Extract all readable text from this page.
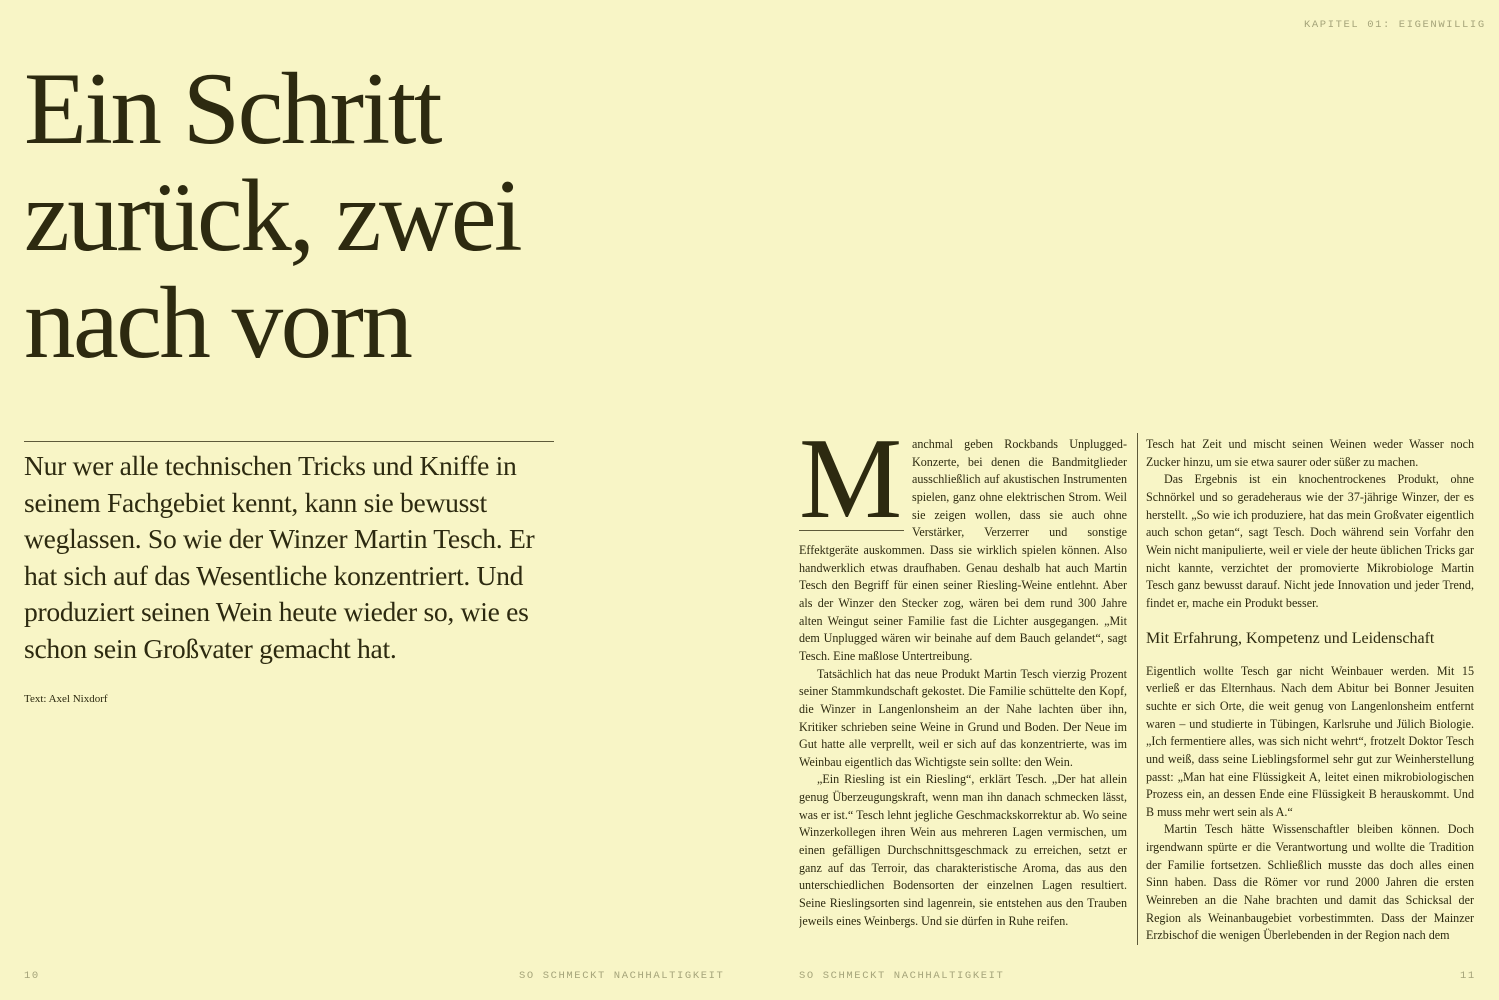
KAPITEL 01: EIGENWILLIG
Ein Schritt
zurück, zwei
nach vorn

Nur wer alle technischen Tricks und Kniffe in seinem Fachgebiet kennt, kann sie bewusst weglassen. So wie der Winzer Martin Tesch. Er hat sich auf das Wesentliche konzentriert. Und produziert seinen Wein heute wieder so, wie es schon sein Großvater gemacht hat.

Text: Axel Nixdorf

M anchmal geben Rockbands Unplugged-Konzerte, bei denen die Bandmitglieder ausschließlich auf akustischen Instrumenten spielen, ganz ohne elektrischen Strom. Weil sie zeigen wollen, dass sie auch ohne Verstärker, Verzerrer und sonstige Effektgeräte auskommen. Dass sie wirklich spielen können. Also handwerklich etwas draufhaben. Genau deshalb hat auch Martin Tesch den Begriff für einen seiner Riesling-Weine entlehnt. Aber als der Winzer den Stecker zog, wären bei dem rund 300 Jahre alten Weingut seiner Familie fast die Lichter ausgegangen. „Mit dem Unplugged wären wir beinahe auf dem Bauch gelandet“, sagt Tesch. Eine maßlose Untertreibung.

Tatsächlich hat das neue Produkt Martin Tesch vierzig Prozent seiner Stammkundschaft gekostet. Die Familie schüttelte den Kopf, die Winzer in Langenlonsheim an der Nahe lachten über ihn, Kritiker schrieben seine Weine in Grund und Boden. Der Neue im Gut hatte alle verprellt, weil er sich auf das konzentrierte, was im Weinbau eigentlich das Wichtigste sein sollte: den Wein.

„Ein Riesling ist ein Riesling“, erklärt Tesch. „Der hat allein genug Überzeugungskraft, wenn man ihn danach schmecken lässt, was er ist.“ Tesch lehnt jegliche Geschmackskorrektur ab. Wo seine Winzerkollegen ihren Wein aus mehreren Lagen vermischen, um einen gefälligen Durchschnittsgeschmack zu erreichen, setzt er ganz auf das Terroir, das charakteristische Aroma, das aus den unterschiedlichen Bodensorten der einzelnen Lagen resultiert. Seine Rieslingsorten sind lagenrein, sie entstehen aus den Trauben jeweils eines Weinbergs. Und sie dürfen in Ruhe reifen.

Tesch hat Zeit und mischt seinen Weinen weder Wasser noch Zucker hinzu, um sie etwa saurer oder süßer zu machen.

Das Ergebnis ist ein knochentrockenes Produkt, ohne Schnörkel und so geradeheraus wie der 37-jährige Winzer, der es herstellt. „So wie ich produziere, hat das mein Großvater eigentlich auch schon getan“, sagt Tesch. Doch während sein Vorfahr den Wein nicht manipulierte, weil er viele der heute üblichen Tricks gar nicht kannte, verzichtet der promovierte Mikrobiologe Martin Tesch ganz bewusst darauf. Nicht jede Innovation und jeder Trend, findet er, mache ein Produkt besser.

Mit Erfahrung, Kompetenz und Leidenschaft

Eigentlich wollte Tesch gar nicht Weinbauer werden. Mit 15 verließ er das Elternhaus. Nach dem Abitur bei Bonner Jesuiten suchte er sich Orte, die weit genug von Langenlonsheim entfernt waren – und studierte in Tübingen, Karlsruhe und Jülich Biologie. „Ich fermentiere alles, was sich nicht wehrt“, frotzelt Doktor Tesch und weiß, dass seine Lieblingsformel sehr gut zur Weinherstellung passt: „Man hat eine Flüssigkeit A, leitet einen mikrobiologischen Prozess ein, an dessen Ende eine Flüssigkeit B herauskommt. Und B muss mehr wert sein als A.“

Martin Tesch hätte Wissenschaftler bleiben können. Doch irgendwann spürte er die Verantwortung und wollte die Tradition der Familie fortsetzen. Schließlich musste das doch alles einen Sinn haben. Dass die Römer vor rund 2000 Jahren die ersten Weinreben an die Nahe brachten und damit das Schicksal der Region als Weinanbaugebiet vorbestimmten. Dass der Mainzer Erzbischof die wenigen Überlebenden in der Region nach dem

10	SO SCHMECKT NACHHALTIGKEIT	SO SCHMECKT NACHHALTIGKEIT	11
